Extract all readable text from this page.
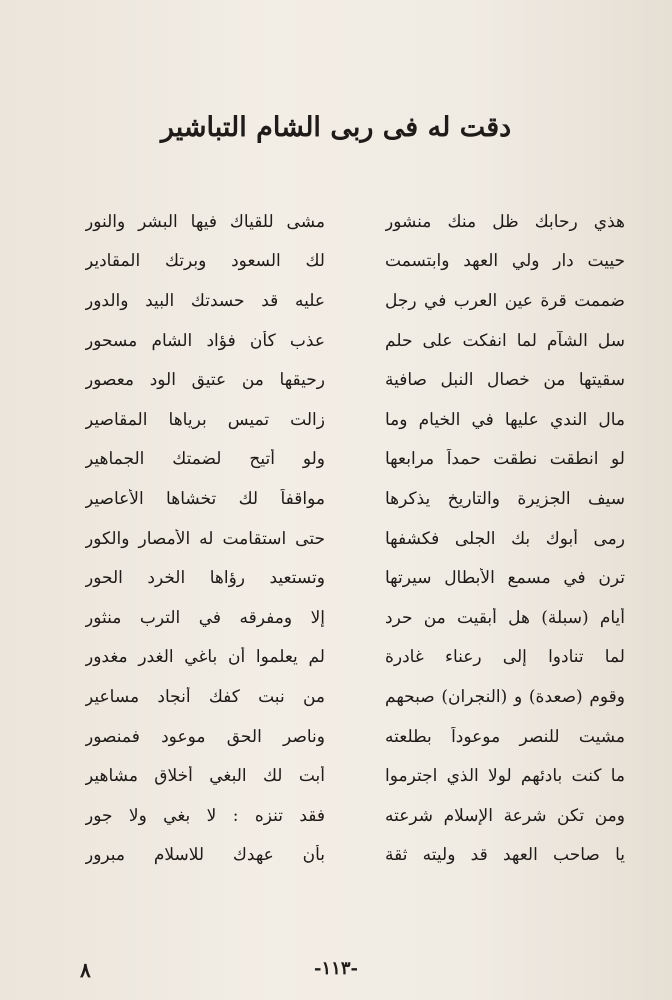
دقت له فى ربى الشام التباشير
هذي رحابك ظل منك منشور
مشى للقياك فيها البشر والنور
حييت دار ولي العهد وابتسمت
لك السعود وبرتك المقادير
ضممت قرة عين العرب في رجل
عليه قد حسدتك البيد والدور
سل الشآم لما انفكت على حلم
عذب كأن فؤاد الشام مسحور
سقيتها من خصال النبل صافية
رحيقها من عتيق الود معصور
مال الندي عليها في الخيام وما
زالت تميس برياها المقاصير
لو انطقت نطقت حمداً مرابعها
ولو أتيح لضمتك الجماهير
سيف الجزيرة والتاريخ يذكرها
مواقفاً لك تخشاها الأعاصير
رمى أبوك بك الجلى فكشفها
حتى استقامت له الأمصار والكور
ترن في مسمع الأبطال سيرتها
وتستعيد رؤاها الخرد الحور
أيام (سبلة) هل أبقيت من حرد
إلا ومفرقه في الترب منثور
لما تنادوا إلى رعناء غادرة
لم يعلموا أن باغي الغدر مغدور
وقوم (صعدة) و (النجران) صبحهم
من نبت كفك أنجاد مساعير
مشيت للنصر موعوداً بطلعته
وناصر الحق موعود فمنصور
ما كنت بادئهم لولا الذي اجترموا
أبت لك البغي أخلاق مشاهير
ومن تكن شرعة الإسلام شرعته
فقد تنزه : لا بغي ولا جور
يا صاحب العهد قد وليته ثقة
بأن عهدك للاسلام مبرور
-١١٣-
٨
